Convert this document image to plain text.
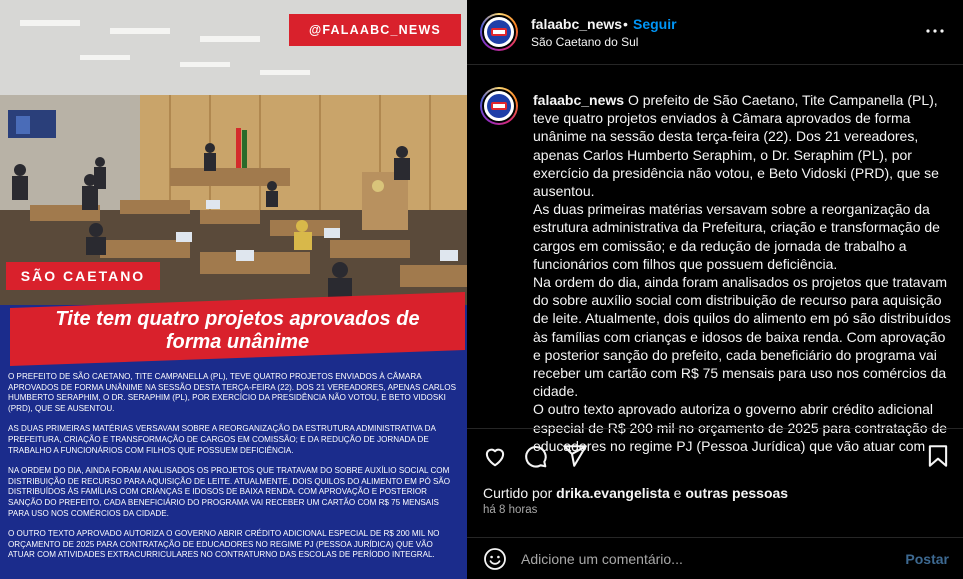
@FALAABC_NEWS
SÃO CAETANO
Tite tem quatro projetos aprovados de forma unânime

O PREFEITO DE SÃO CAETANO, TITE CAMPANELLA (PL), TEVE QUATRO PROJETOS ENVIADOS À CÂMARA APROVADOS DE FORMA UNÂNIME NA SESSÃO DESTA TERÇA-FEIRA (22). DOS 21 VEREADORES, APENAS CARLOS HUMBERTO SERAPHIM, O DR. SERAPHIM (PL), POR EXERCÍCIO DA PRESIDÊNCIA NÃO VOTOU, E BETO VIDOSKI (PRD), QUE SE AUSENTOU.

AS DUAS PRIMEIRAS MATÉRIAS VERSAVAM SOBRE A REORGANIZAÇÃO DA ESTRUTURA ADMINISTRATIVA DA PREFEITURA, CRIAÇÃO E TRANSFORMAÇÃO DE CARGOS EM COMISSÃO; E DA REDUÇÃO DE JORNADA DE TRABALHO A FUNCIONÁRIOS COM FILHOS QUE POSSUEM DEFICIÊNCIA.

NA ORDEM DO DIA, AINDA FORAM ANALISADOS OS PROJETOS QUE TRATAVAM DO SOBRE AUXÍLIO SOCIAL COM DISTRIBUIÇÃO DE RECURSO PARA AQUISIÇÃO DE LEITE. ATUALMENTE, DOIS QUILOS DO ALIMENTO EM PÓ SÃO DISTRIBUÍDOS ÀS FAMÍLIAS COM CRIANÇAS E IDOSOS DE BAIXA RENDA. COM APROVAÇÃO E POSTERIOR SANÇÃO DO PREFEITO, CADA BENEFICIÁRIO DO PROGRAMA VAI RECEBER UM CARTÃO COM R$ 75 MENSAIS PARA USO NOS COMÉRCIOS DA CIDADE.

O OUTRO TEXTO APROVADO AUTORIZA O GOVERNO ABRIR CRÉDITO ADICIONAL ESPECIAL DE R$ 200 MIL NO ORÇAMENTO DE 2025 PARA CONTRATAÇÃO DE EDUCADORES NO REGIME PJ (PESSOA JURÍDICA) QUE VÃO ATUAR COM ATIVIDADES EXTRACURRICULARES NO CONTRATURNO DAS ESCOLAS DE PERÍODO INTEGRAL.

falaabc_news • Seguir
São Caetano do Sul
falaabc_news O prefeito de São Caetano, Tite Campanella (PL), teve quatro projetos enviados à Câmara aprovados de forma unânime na sessão desta terça-feira (22). Dos 21 vereadores, apenas Carlos Humberto Seraphim, o Dr. Seraphim (PL), por exercício da presidência não votou, e Beto Vidoski (PRD), que se ausentou.
As duas primeiras matérias versavam sobre a reorganização da estrutura administrativa da Prefeitura, criação e transformação de cargos em comissão; e da redução de jornada de trabalho a funcionários com filhos que possuem deficiência.
Na ordem do dia, ainda foram analisados os projetos que tratavam do sobre auxílio social com distribuição de recurso para aquisição de leite. Atualmente, dois quilos do alimento em pó são distribuídos às famílias com crianças e idosos de baixa renda. Com aprovação e posterior sanção do prefeito, cada beneficiário do programa vai receber um cartão com R$ 75 mensais para uso nos comércios da cidade.
O outro texto aprovado autoriza o governo abrir crédito adicional especial de R$ 200 mil no orçamento de 2025 para contratação de educadores no regime PJ (Pessoa Jurídica) que vão atuar com
Curtido por drika.evangelista e outras pessoas
há 8 horas
Adicione um comentário...
Postar
